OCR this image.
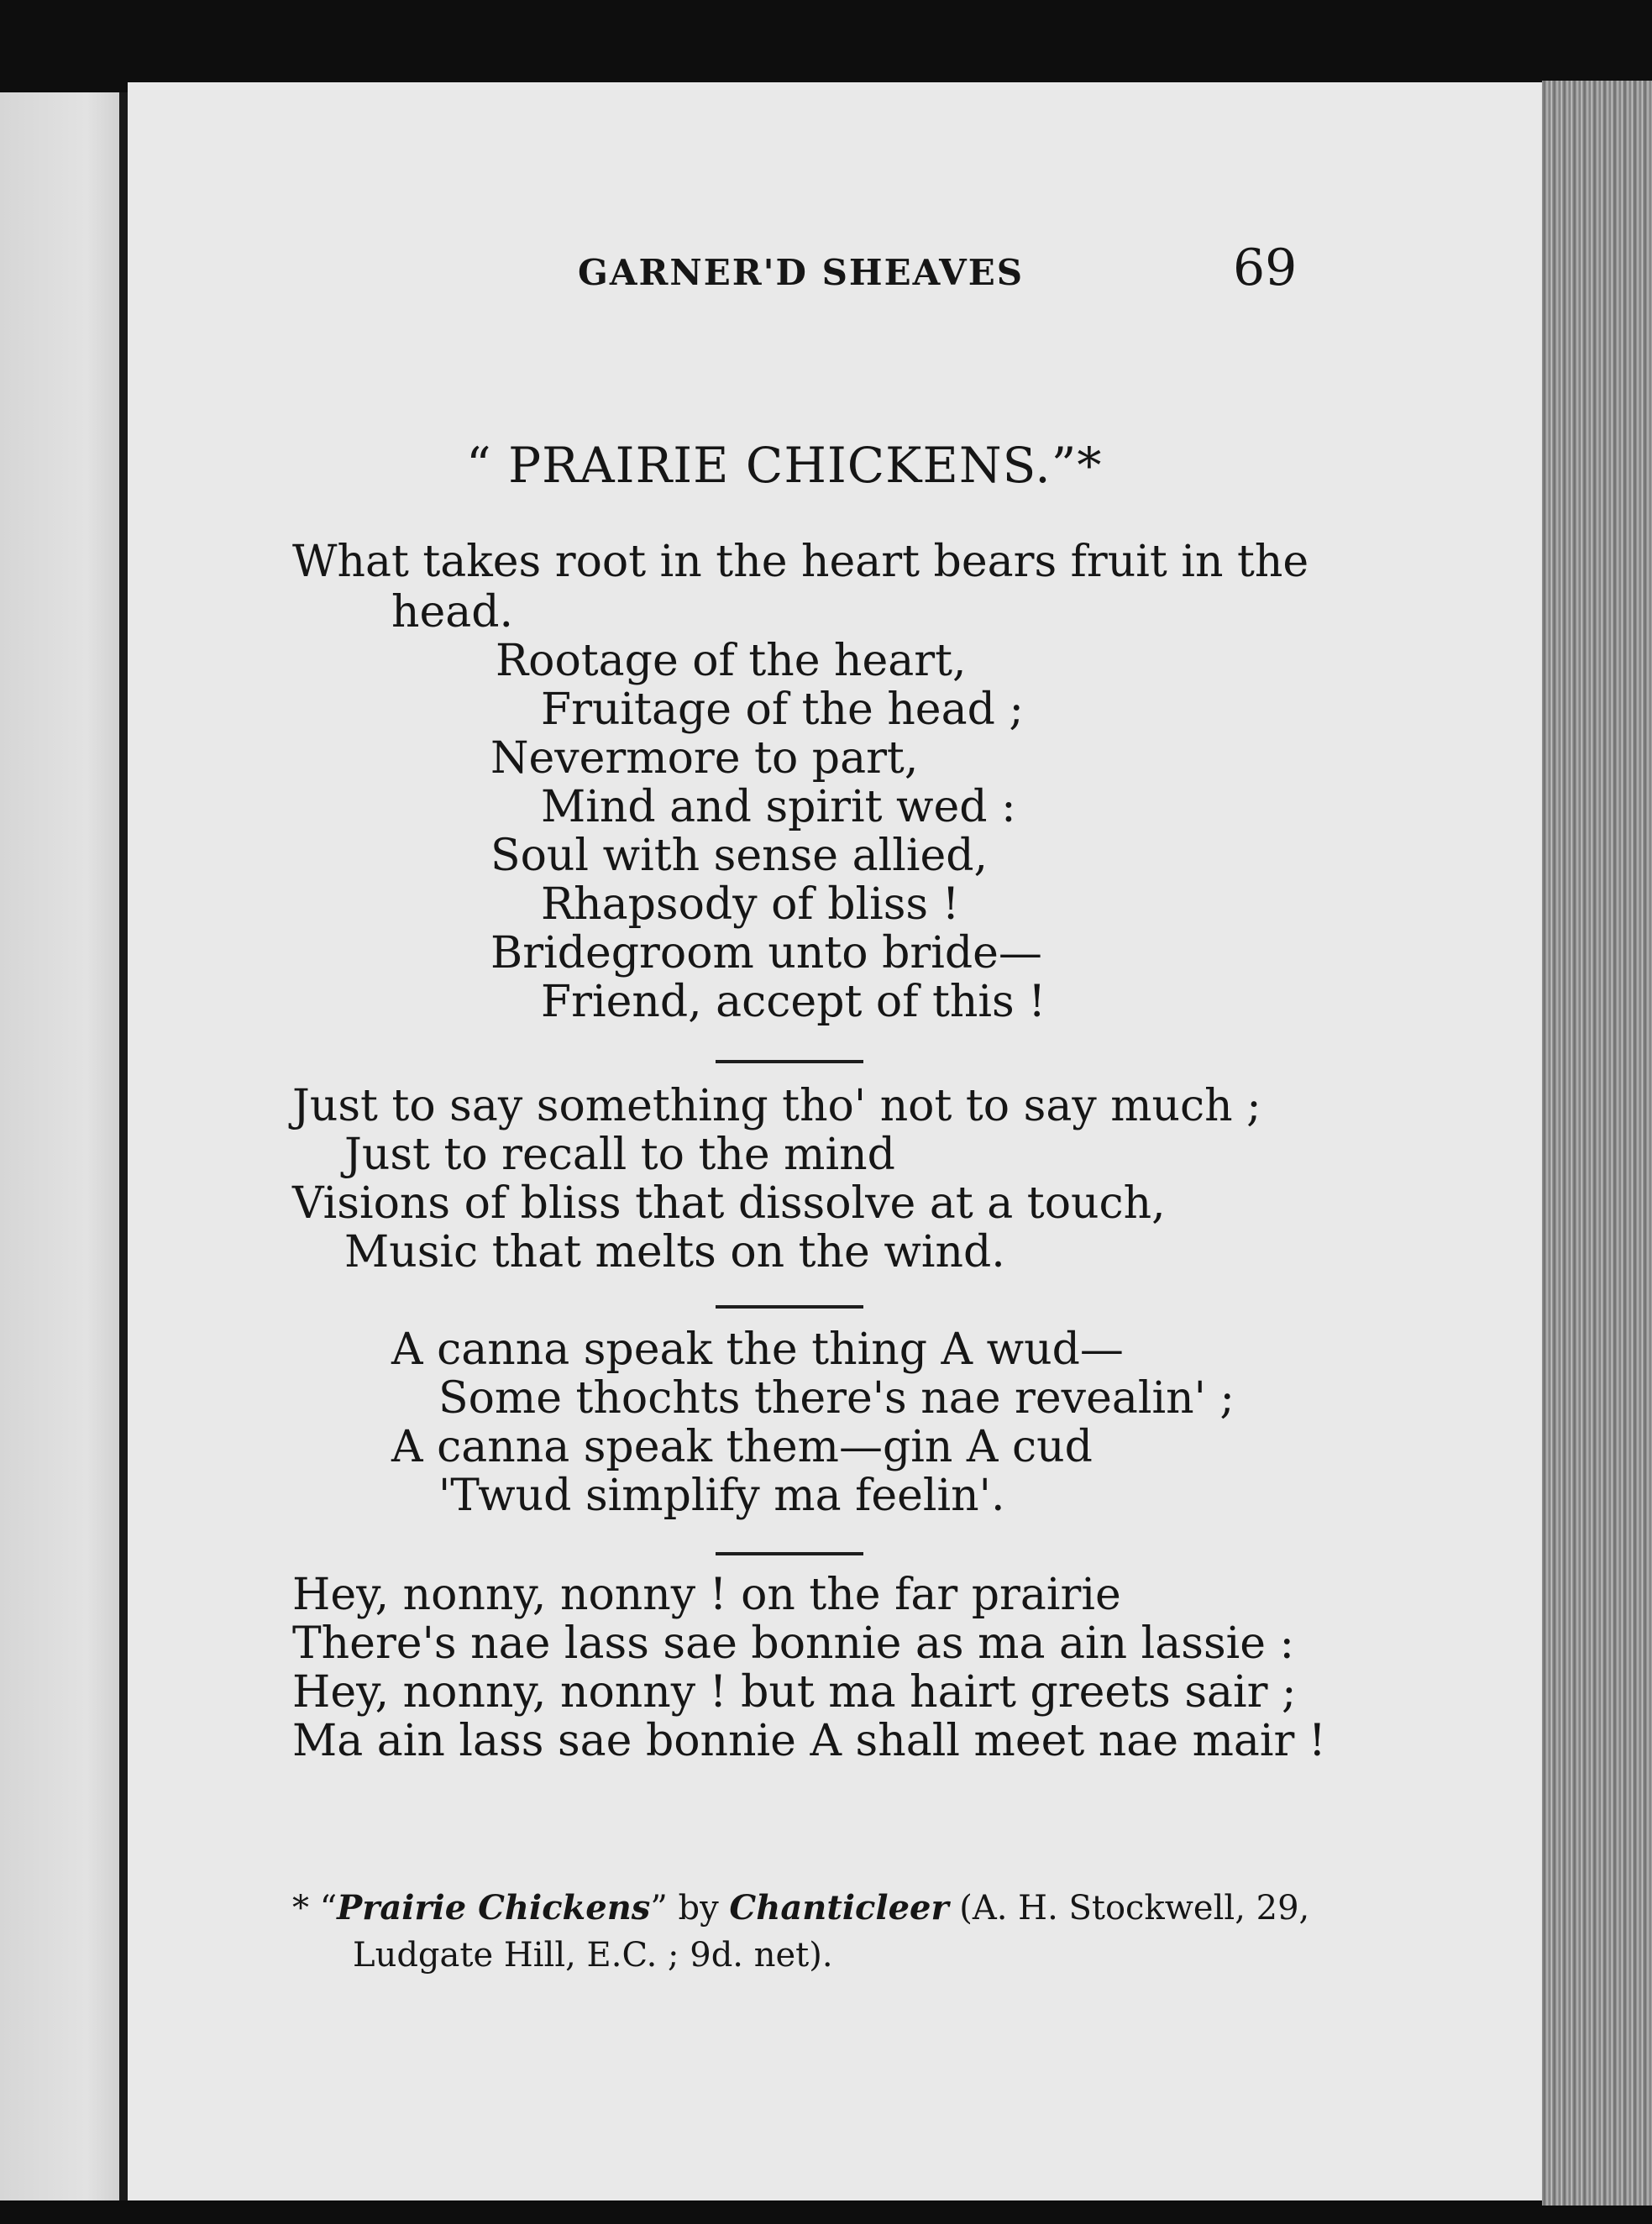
GARNER'D SHEAVES	69
“ PRAIRIE CHICKENS.”*
What takes root in the heart bears fruit in the
head.
Rootage of the heart,
Fruitage of the head ;
Nevermore to part,
Mind and spirit wed :
Soul with sense allied,
Rhapsody of bliss !
Bridegroom unto bride—
Friend, accept of this !
Just to say something tho' not to say much ;
Just to recall to the mind
Visions of bliss that dissolve at a touch,
Music that melts on the wind.
A canna speak the thing A wud—
Some thochts there's nae revealin' ;
A canna speak them—gin A cud
'Twud simplify ma feelin'.
Hey, nonny, nonny ! on the far prairie
There's nae lass sae bonnie as ma ain lassie :
Hey, nonny, nonny ! but ma hairt greets sair ;
Ma ain lass sae bonnie A shall meet nae mair !
* “Prairie Chickens” by Chanticleer (A. H. Stockwell, 29,
Ludgate Hill, E.C. ; 9d. net).
